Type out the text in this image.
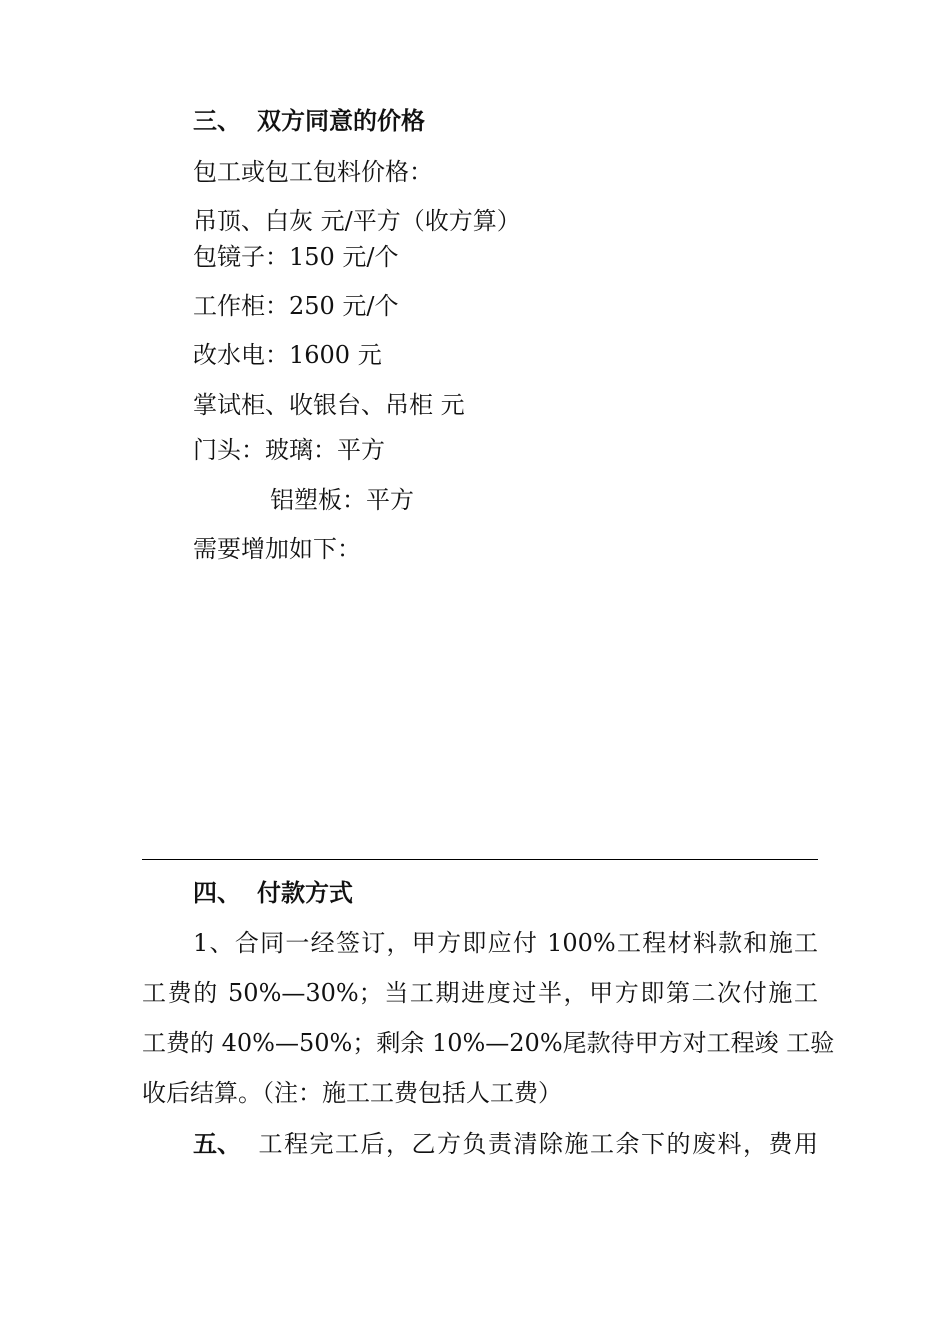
三、 双方同意的价格
包工或包工包料价格：
吊顶、白灰 元/平方（收方算）
包镜子：150 元/个
工作柜：250 元/个
改水电：1600 元
掌试柜、收银台、吊柜 元
门头：玻璃：平方
铝塑板：平方
需要增加如下：
四、 付款方式
1、合同一经签订，甲方即应付 100%工程材料款和施工
工费的 50%—30%；当工期进度过半，甲方即第二次付施工
工费的 40%—50%；剩余 10%—20%尾款待甲方对工程竣 工验
收后结算。（注：施工工费包括人工费）
五、 工程完工后，乙方负责清除施工余下的废料，费用
